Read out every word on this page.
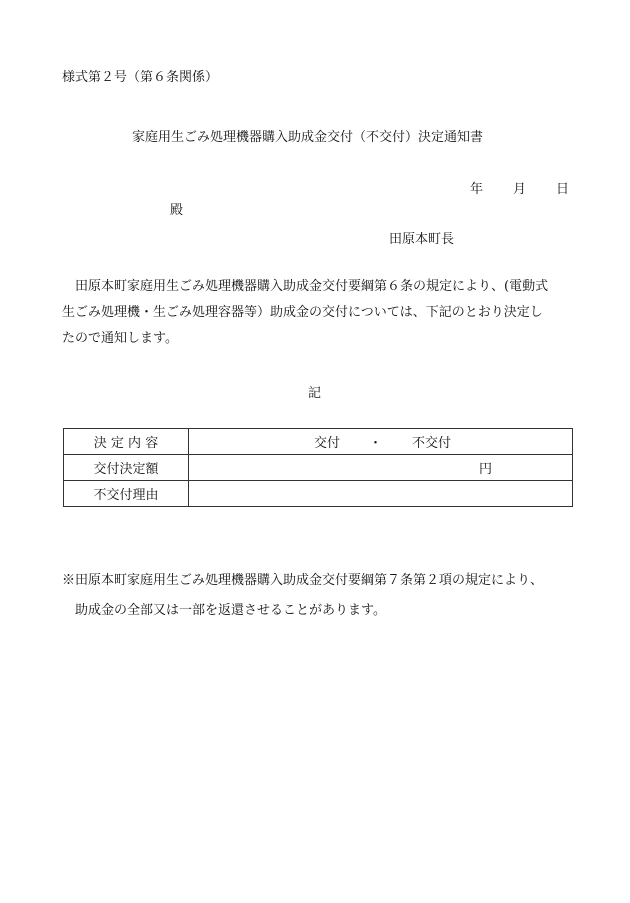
様式第２号（第６条関係）
家庭用生ごみ処理機器購入助成金交付（不交付）決定通知書
年 月 日
殿
田原本町長
田原本町家庭用生ごみ処理機器購入助成金交付要綱第６条の規定により、(電動式
生ごみ処理機・生ごみ処理容器等）助成金の交付については、下記のとおり決定し
たので通知します。
記
決 定 内 容	交付 ・ 不交付
交付決定額	円
不交付理由	
※田原本町家庭用生ごみ処理機器購入助成金交付要綱第７条第２項の規定により、
助成金の全部又は一部を返還させることがあります。
